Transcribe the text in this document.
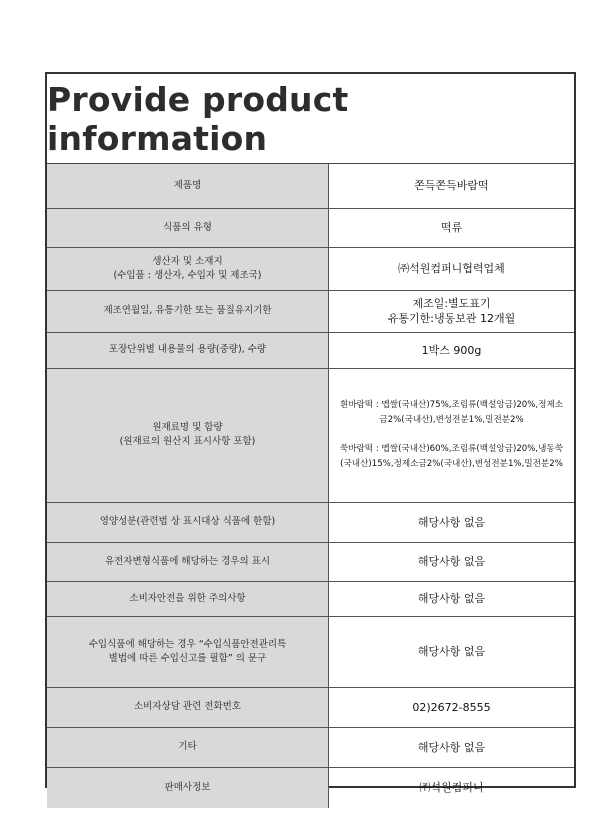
Provide product information
제품명	쫀득쫀득바람떡

식품의 유형	떡류

생산자 및 소재지
(수입품 : 생산자, 수입자 및 제조국)	㈜석원컴퍼니협력업체

제조연월일, 유통기한 또는 품질유지기한	제조일:별도표기
유통기한:냉동보관 12개월

포장단위별 내용물의 용량(중량), 수량	1박스 900g

원재료명 및 함량
(원재료의 원산지 표시사항 포함)	흰바람떡 : 멥쌀(국내산)75%,조림류(백설앙금)20%,정제소
금2%(국내산),변성전분1%,밀전분2%
쑥바람떡 : 멥쌀(국내산)60%,조림류(백설앙금)20%,냉동쑥
(국내산)15%,정제소금2%(국내산),변성전분1%,밀전분2%

영양성분(관련법 상 표시대상 식품에 한함)	해당사항 없음

유전자변형식품에 해당하는 경우의 표시	해당사항 없음

소비자안전을 위한 주의사항	해당사항 없음

수입식품에 해당하는 경우 “수입식품안전관리특
별법에 따른 수입신고를 필함” 의 문구	해당사항 없음

소비자상담 관련 전화번호	02)2672-8555

기타	해당사항 없음

판매사정보	㈜석원컴퍼니
